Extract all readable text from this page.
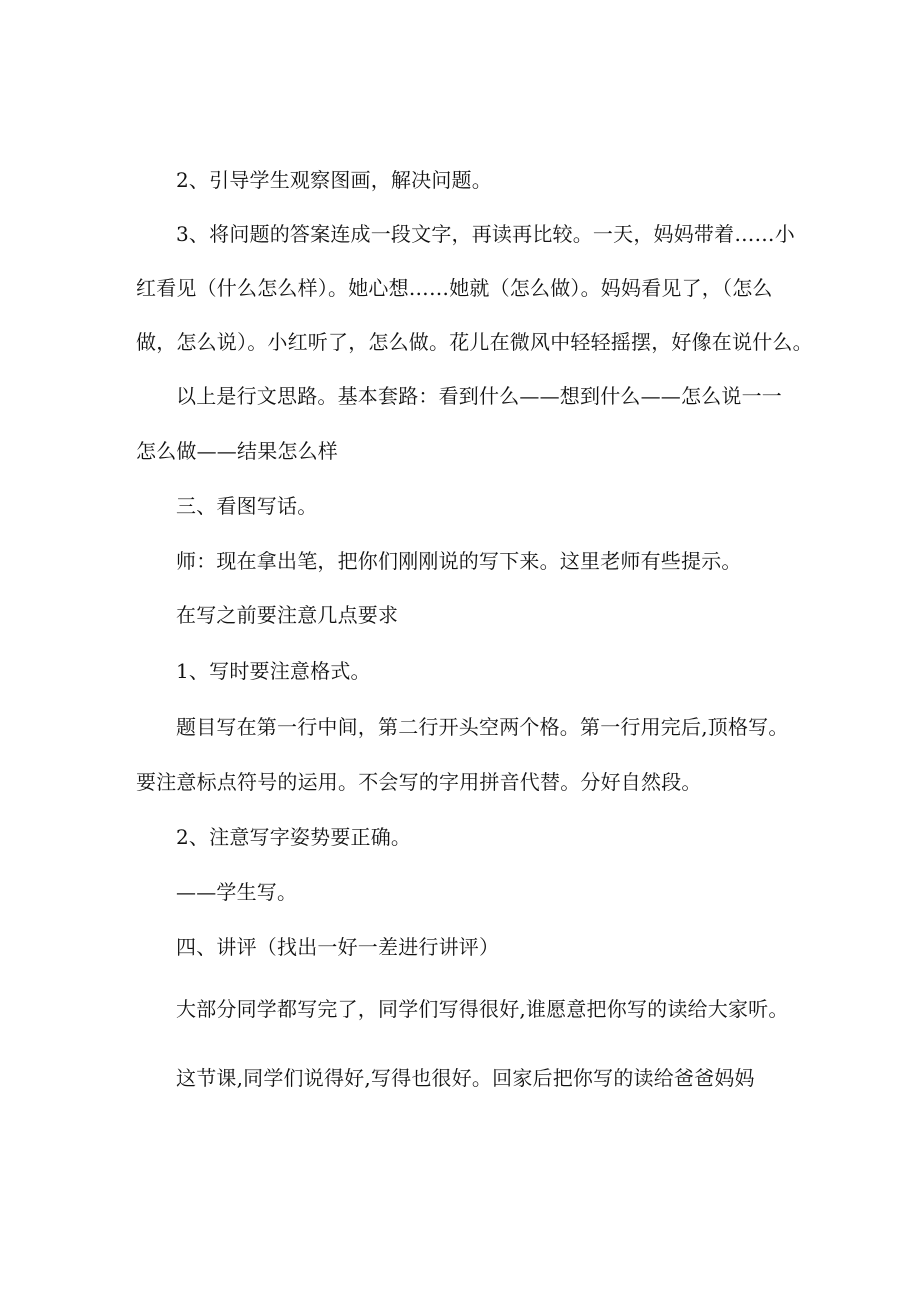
2、引导学生观察图画，解决问题。
3、将问题的答案连成一段文字，再读再比较。一天，妈妈带着……小
红看见（什么怎么样）。她心想……她就（怎么做）。妈妈看见了，（怎么
做，怎么说）。小红听了，怎么做。花儿在微风中轻轻摇摆，好像在说什么。
以上是行文思路。基本套路：看到什么——想到什么——怎么说一一
怎么做——结果怎么样
三、看图写话。
师：现在拿出笔，把你们刚刚说的写下来。这里老师有些提示。
在写之前要注意几点要求
1、写时要注意格式。
题目写在第一行中间，第二行开头空两个格。第一行用完后,顶格写。
要注意标点符号的运用。不会写的字用拼音代替。分好自然段。
2、注意写字姿势要正确。
——学生写。
四、讲评（找出一好一差进行讲评）
大部分同学都写完了，同学们写得很好,谁愿意把你写的读给大家听。
这节课,同学们说得好,写得也很好。回家后把你写的读给爸爸妈妈
